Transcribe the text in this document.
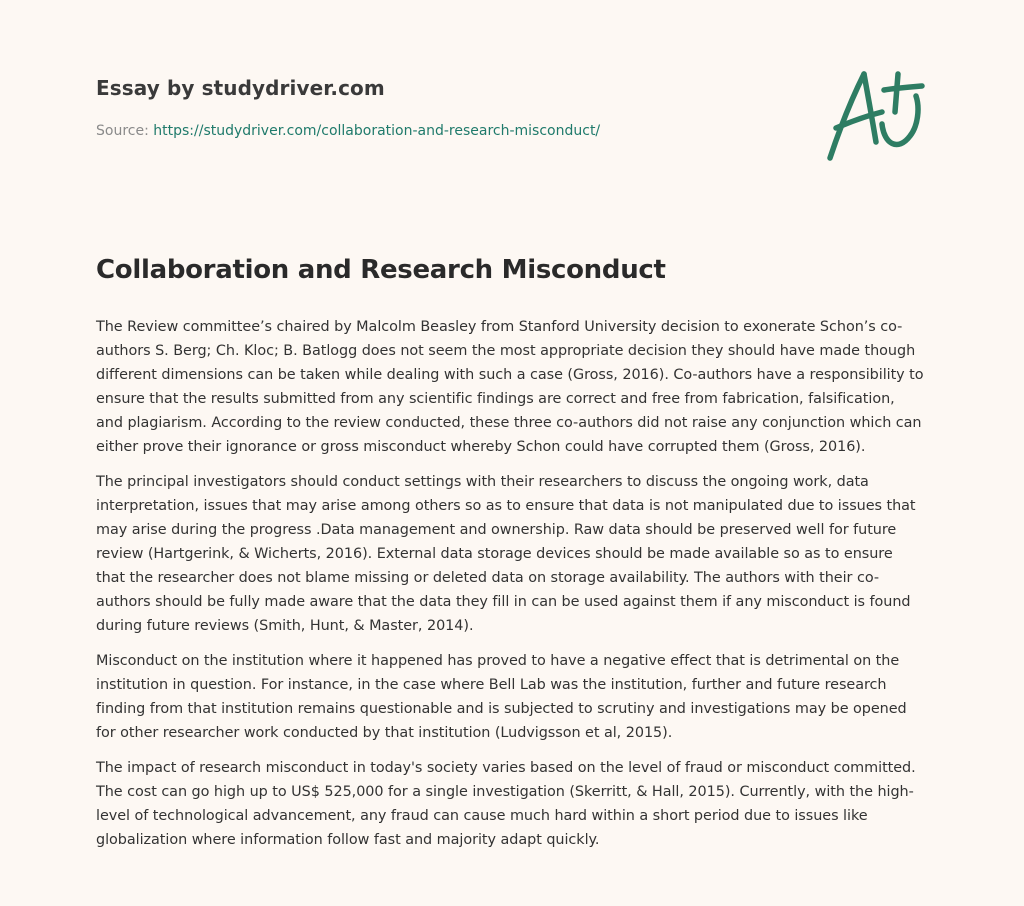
Essay by studydriver.com
Source: https://studydriver.com/collaboration-and-research-misconduct/
Collaboration and Research Misconduct

The Review committee’s chaired by Malcolm Beasley from Stanford University decision to exonerate Schon’s co-authors S. Berg; Ch. Kloc; B. Batlogg does not seem the most appropriate decision they should have made though different dimensions can be taken while dealing with such a case (Gross, 2016). Co-authors have a responsibility to ensure that the results submitted from any scientific findings are correct and free from fabrication, falsification, and plagiarism. According to the review conducted, these three co-authors did not raise any conjunction which can either prove their ignorance or gross misconduct whereby Schon could have corrupted them (Gross, 2016).

The principal investigators should conduct settings with their researchers to discuss the ongoing work, data interpretation, issues that may arise among others so as to ensure that data is not manipulated due to issues that may arise during the progress .Data management and ownership. Raw data should be preserved well for future review (Hartgerink, & Wicherts, 2016). External data storage devices should be made available so as to ensure that the researcher does not blame missing or deleted data on storage availability. The authors with their co-authors should be fully made aware that the data they fill in can be used against them if any misconduct is found during future reviews (Smith, Hunt, & Master, 2014).

Misconduct on the institution where it happened has proved to have a negative effect that is detrimental on the institution in question. For instance, in the case where Bell Lab was the institution, further and future research finding from that institution remains questionable and is subjected to scrutiny and investigations may be opened for other researcher work conducted by that institution (Ludvigsson et al, 2015).

The impact of research misconduct in today's society varies based on the level of fraud or misconduct committed. The cost can go high up to US$ 525,000 for a single investigation (Skerritt, & Hall, 2015). Currently, with the high-level of technological advancement, any fraud can cause much hard within a short period due to issues like globalization where information follow fast and majority adapt quickly.
